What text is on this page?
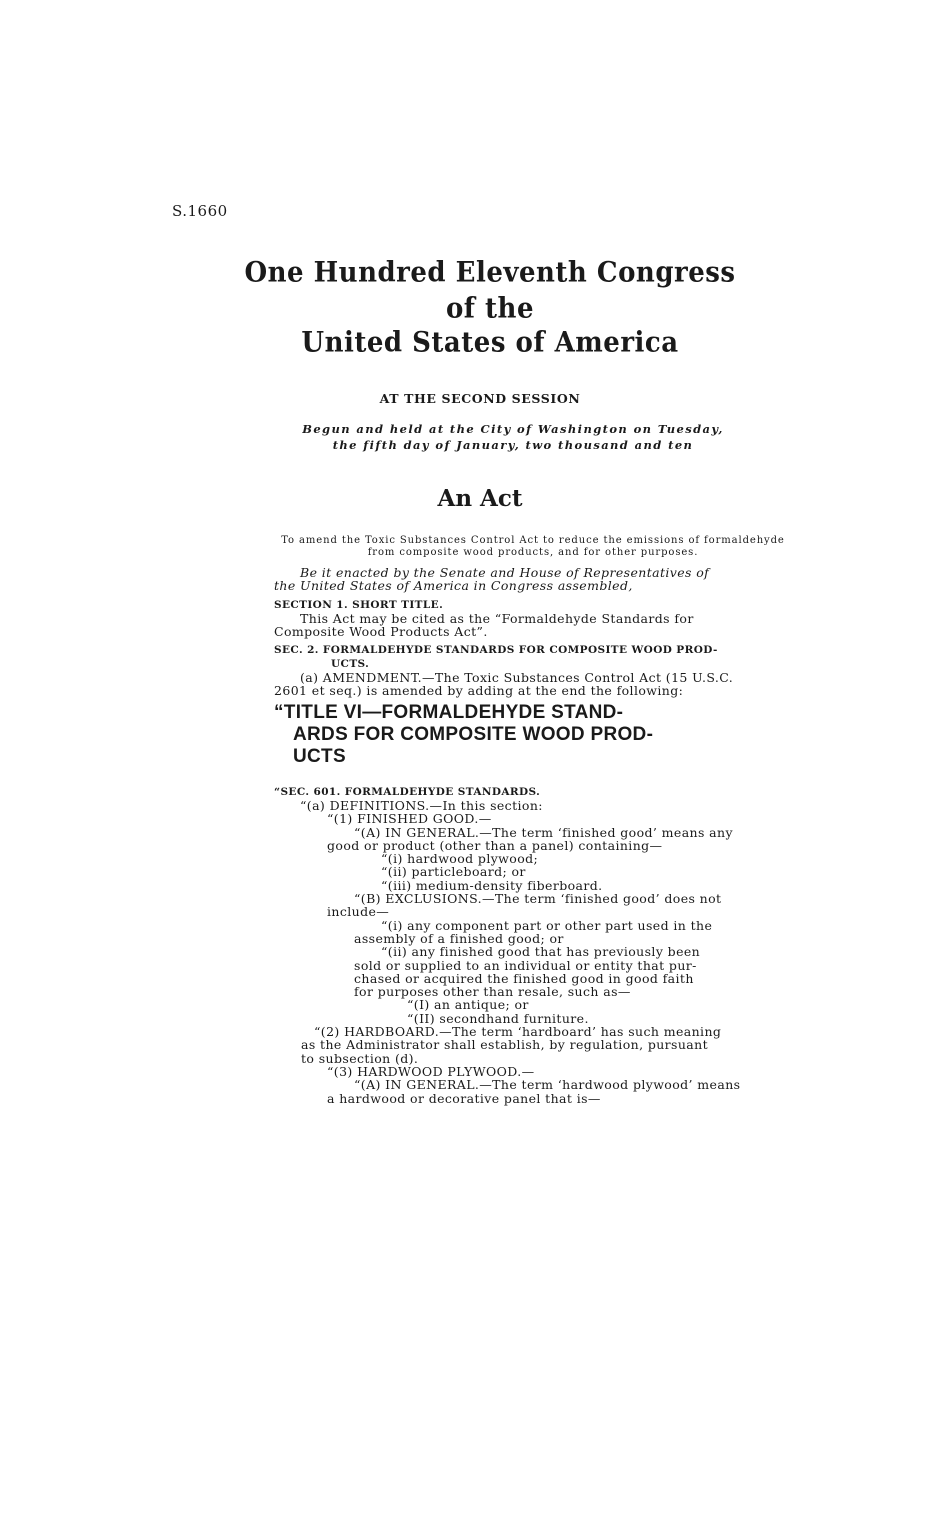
S.1660
One Hundred Eleventh Congress
of the
United States of America
AT THE SECOND SESSION
Begun and held at the City of Washington on Tuesday,
the fifth day of January, two thousand and ten
An Act
To amend the Toxic Substances Control Act to reduce the emissions of formaldehyde
from composite wood products, and for other purposes.
Be it enacted by the Senate and House of Representatives of
the United States of America in Congress assembled,
SECTION 1. SHORT TITLE.
This Act may be cited as the “Formaldehyde Standards for
Composite Wood Products Act”.
SEC. 2. FORMALDEHYDE STANDARDS FOR COMPOSITE WOOD PROD-
UCTS.
(a) AMENDMENT.—The Toxic Substances Control Act (15 U.S.C.
2601 et seq.) is amended by adding at the end the following:
“TITLE VI—FORMALDEHYDE STAND-
ARDS FOR COMPOSITE WOOD PROD-
UCTS
“SEC. 601. FORMALDEHYDE STANDARDS.
“(a) DEFINITIONS.—In this section:
“(1) FINISHED GOOD.—
“(A) IN GENERAL.—The term ‘finished good’ means any
good or product (other than a panel) containing—
“(i) hardwood plywood;
“(ii) particleboard; or
“(iii) medium-density fiberboard.
“(B) EXCLUSIONS.—The term ‘finished good’ does not
include—
“(i) any component part or other part used in the
assembly of a finished good; or
“(ii) any finished good that has previously been
sold or supplied to an individual or entity that pur-
chased or acquired the finished good in good faith
for purposes other than resale, such as—
“(I) an antique; or
“(II) secondhand furniture.
“(2) HARDBOARD.—The term ‘hardboard’ has such meaning
as the Administrator shall establish, by regulation, pursuant
to subsection (d).
“(3) HARDWOOD PLYWOOD.—
“(A) IN GENERAL.—The term ‘hardwood plywood’ means
a hardwood or decorative panel that is—
